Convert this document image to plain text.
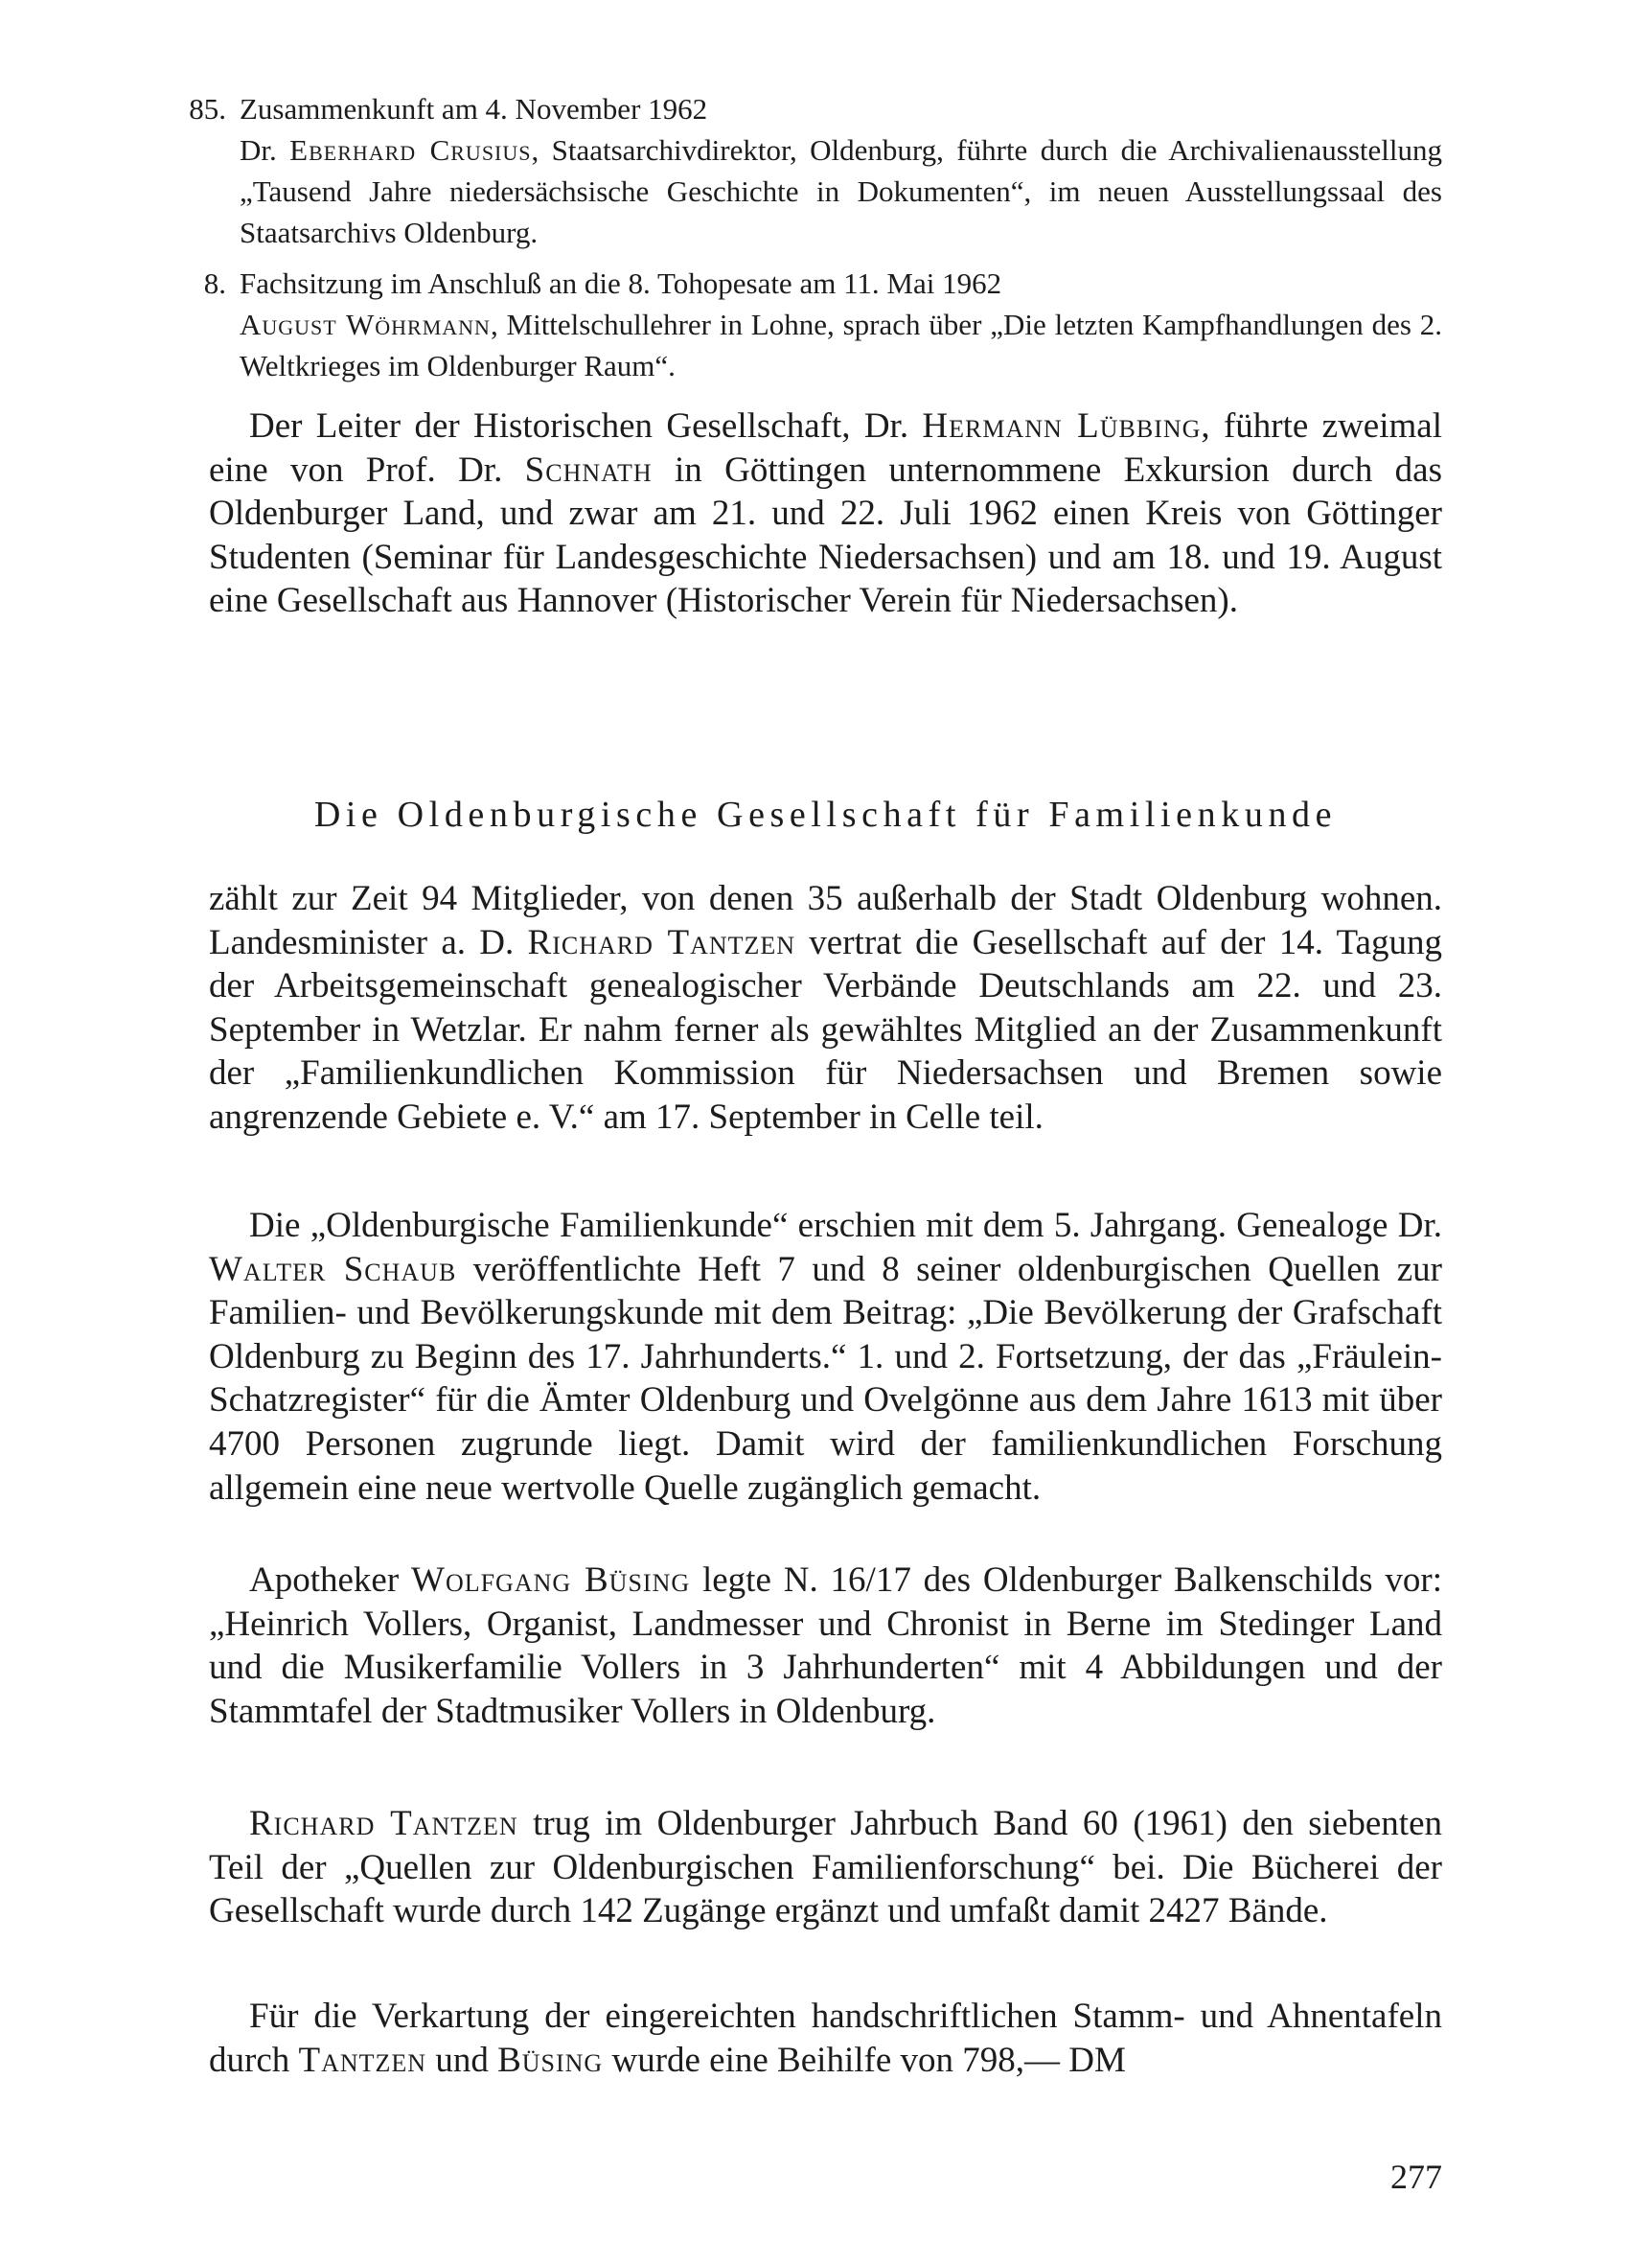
85. Zusammenkunft am 4. November 1962
Dr. Eberhard Crusius, Staatsarchivdirektor, Oldenburg, führte durch die Archivalienausstellung „Tausend Jahre niedersächsische Geschichte in Dokumenten“, im neuen Ausstellungssaal des Staatsarchivs Oldenburg.
8. Fachsitzung im Anschluß an die 8. Tohopesate am 11. Mai 1962
August Wöhrmann, Mittelschullehrer in Lohne, sprach über „Die letzten Kampfhandlungen des 2. Weltkrieges im Oldenburger Raum“.

Der Leiter der Historischen Gesellschaft, Dr. Hermann Lübbing, führte zweimal eine von Prof. Dr. Schnath in Göttingen unternommene Exkursion durch das Oldenburger Land, und zwar am 21. und 22. Juli 1962 einen Kreis von Göttinger Studenten (Seminar für Landesgeschichte Niedersachsen) und am 18. und 19. August eine Gesellschaft aus Hannover (Historischer Verein für Niedersachsen).

Die Oldenburgische Gesellschaft für Familienkunde

zählt zur Zeit 94 Mitglieder, von denen 35 außerhalb der Stadt Oldenburg wohnen. Landesminister a. D. Richard Tantzen vertrat die Gesellschaft auf der 14. Tagung der Arbeitsgemeinschaft genealogischer Verbände Deutschlands am 22. und 23. September in Wetzlar. Er nahm ferner als gewähltes Mitglied an der Zusammenkunft der „Familienkundlichen Kommission für Niedersachsen und Bremen sowie angrenzende Gebiete e. V.“ am 17. September in Celle teil.

Die „Oldenburgische Familienkunde“ erschien mit dem 5. Jahrgang. Genealoge Dr. Walter Schaub veröffentlichte Heft 7 und 8 seiner oldenburgischen Quellen zur Familien- und Bevölkerungskunde mit dem Beitrag: „Die Bevölkerung der Grafschaft Oldenburg zu Beginn des 17. Jahrhunderts.“ 1. und 2. Fortsetzung, der das „Fräulein-Schatzregister“ für die Ämter Oldenburg und Ovelgönne aus dem Jahre 1613 mit über 4700 Personen zugrunde liegt. Damit wird der familienkundlichen Forschung allgemein eine neue wertvolle Quelle zugänglich gemacht.

Apotheker Wolfgang Büsing legte N. 16/17 des Oldenburger Balkenschilds vor: „Heinrich Vollers, Organist, Landmesser und Chronist in Berne im Stedinger Land und die Musikerfamilie Vollers in 3 Jahrhunderten“ mit 4 Abbildungen und der Stammtafel der Stadtmusiker Vollers in Oldenburg.

Richard Tantzen trug im Oldenburger Jahrbuch Band 60 (1961) den siebenten Teil der „Quellen zur Oldenburgischen Familienforschung“ bei. Die Bücherei der Gesellschaft wurde durch 142 Zugänge ergänzt und umfaßt damit 2427 Bände.

Für die Verkartung der eingereichten handschriftlichen Stamm- und Ahnentafeln durch Tantzen und Büsing wurde eine Beihilfe von 798,— DM

277
